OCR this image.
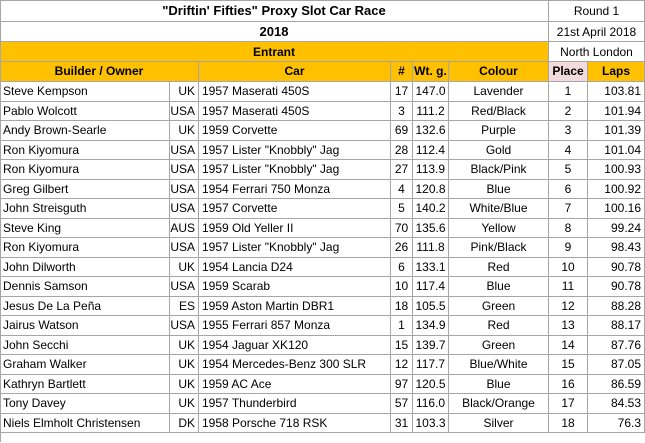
"Driftin' Fifties" Proxy Slot Car Race	Round 1
2018	21st April 2018
Entrant	North London
Builder / Owner	Car	# Wt. g.	Colour	Place	Laps
Steve Kempson	UK 1957 Maserati 450S	17 147.0	Lavender	1	103.81
Pablo Wolcott	USA 1957 Maserati 450S	3 111.2	Red/Black	2	101.94
Andy Brown-Searle	UK 1959 Corvette	69 132.6	Purple	3	101.39
Ron Kiyomura	USA 1957 Lister "Knobbly" Jag	28 112.4	Gold	4	101.04
Ron Kiyomura	USA 1957 Lister "Knobbly" Jag	27 113.9	Black/Pink	5	100.93
Greg Gilbert	USA 1954 Ferrari 750 Monza	4 120.8	Blue	6	100.92
John Streisguth	USA 1957 Corvette	5 140.2	White/Blue	7	100.16
Steve King	AUS 1959 Old Yeller II	70 135.6	Yellow	8	99.24
Ron Kiyomura	USA 1957 Lister "Knobbly" Jag	26 111.8	Pink/Black	9	98.43
John Dilworth	UK 1954 Lancia D24	6 133.1	Red	10	90.78
Dennis Samson	USA 1959 Scarab	10 117.4	Blue	11	90.78
Jesus De La Peña	ES 1959 Aston Martin DBR1	18 105.5	Green	12	88.28
Jairus Watson	USA 1955 Ferrari 857 Monza	1 134.9	Red	13	88.17
John Secchi	UK 1954 Jaguar XK120	15 139.7	Green	14	87.76
Graham Walker	UK 1954 Mercedes-Benz 300 SLR	12 117.7	Blue/White	15	87.05
Kathryn Bartlett	UK 1959 AC Ace	97 120.5	Blue	16	86.59
Tony Davey	UK 1957 Thunderbird	57 116.0	Black/Orange	17	84.53
Niels Elmholt Christensen	DK 1958 Porsche 718 RSK	31 103.3	Silver	18	76.3
